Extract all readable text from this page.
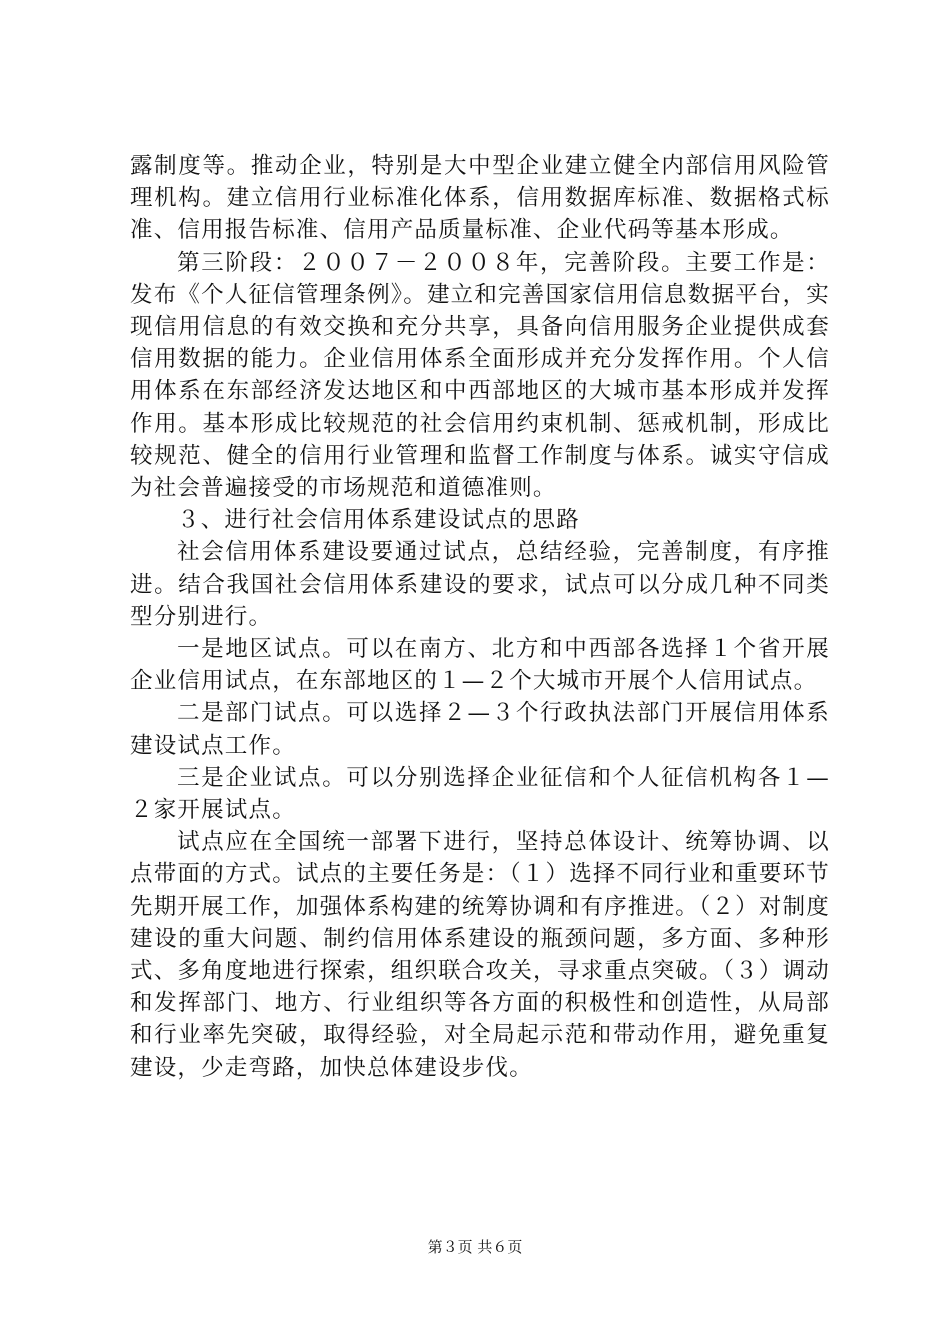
露制度等。推动企业，特别是大中型企业建立健全内部信用风险管理机构。建立信用行业标准化体系，信用数据库标准、数据格式标准、信用报告标准、信用产品质量标准、企业代码等基本形成。

第三阶段：２００７－２００８年，完善阶段。主要工作是：发布《个人征信管理条例》。建立和完善国家信用信息数据平台，实现信用信息的有效交换和充分共享，具备向信用服务企业提供成套信用数据的能力。企业信用体系全面形成并充分发挥作用。个人信用体系在东部经济发达地区和中西部地区的大城市基本形成并发挥作用。基本形成比较规范的社会信用约束机制、惩戒机制，形成比较规范、健全的信用行业管理和监督工作制度与体系。诚实守信成为社会普遍接受的市场规范和道德准则。

３、进行社会信用体系建设试点的思路

社会信用体系建设要通过试点，总结经验，完善制度，有序推进。结合我国社会信用体系建设的要求，试点可以分成几种不同类型分别进行。

一是地区试点。可以在南方、北方和中西部各选择１个省开展企业信用试点，在东部地区的１—２个大城市开展个人信用试点。

二是部门试点。可以选择２—３个行政执法部门开展信用体系建设试点工作。

三是企业试点。可以分别选择企业征信和个人征信机构各１—２家开展试点。

试点应在全国统一部署下进行，坚持总体设计、统筹协调、以点带面的方式。试点的主要任务是：（１）选择不同行业和重要环节先期开展工作，加强体系构建的统筹协调和有序推进。（２）对制度建设的重大问题、制约信用体系建设的瓶颈问题，多方面、多种形式、多角度地进行探索，组织联合攻关，寻求重点突破。（３）调动和发挥部门、地方、行业组织等各方面的积极性和创造性，从局部和行业率先突破，取得经验，对全局起示范和带动作用，避免重复建设，少走弯路，加快总体建设步伐。

第３页 共６页
